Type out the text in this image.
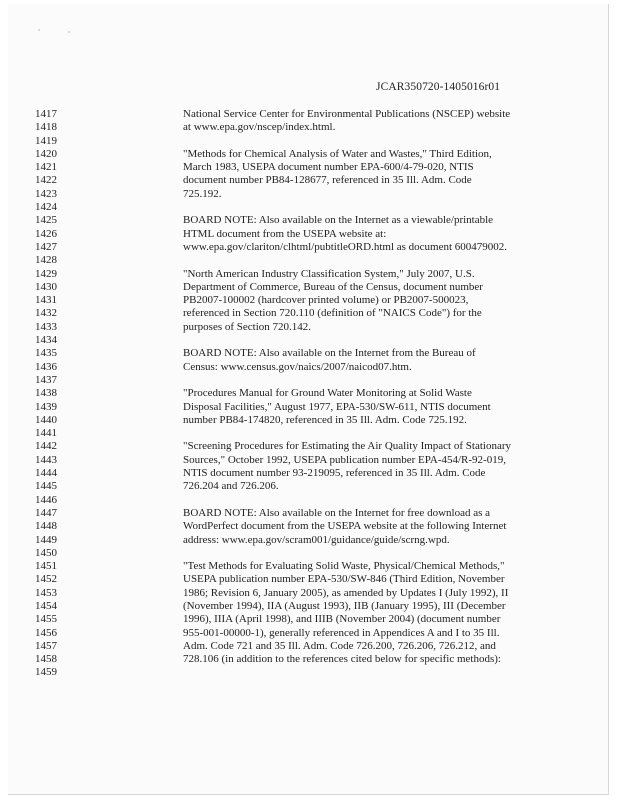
JCAR350720-1405016r01
1417
1418
1419
1420
1421
1422
1423
1424
1425
1426
1427
1428
1429
1430
1431
1432
1433
1434
1435
1436
1437
1438
1439
1440
1441
1442
1443
1444
1445
1446
1447
1448
1449
1450
1451
1452
1453
1454
1455
1456
1457
1458
1459
National Service Center for Environmental Publications (NSCEP) website
at www.epa.gov/nscep/index.html.
"Methods for Chemical Analysis of Water and Wastes," Third Edition,
March 1983, USEPA document number EPA-600/4-79-020, NTIS
document number PB84-128677, referenced in 35 Ill. Adm. Code
725.192.
BOARD NOTE: Also available on the Internet as a viewable/printable
HTML document from the USEPA website at:
www.epa.gov/clariton/clhtml/pubtitleORD.html as document 600479002.
"North American Industry Classification System," July 2007, U.S.
Department of Commerce, Bureau of the Census, document number
PB2007-100002 (hardcover printed volume) or PB2007-500023,
referenced in Section 720.110 (definition of "NAICS Code") for the
purposes of Section 720.142.
BOARD NOTE: Also available on the Internet from the Bureau of
Census: www.census.gov/naics/2007/naicod07.htm.
"Procedures Manual for Ground Water Monitoring at Solid Waste
Disposal Facilities," August 1977, EPA-530/SW-611, NTIS document
number PB84-174820, referenced in 35 Ill. Adm. Code 725.192.
"Screening Procedures for Estimating the Air Quality Impact of Stationary
Sources," October 1992, USEPA publication number EPA-454/R-92-019,
NTIS document number 93-219095, referenced in 35 Ill. Adm. Code
726.204 and 726.206.
BOARD NOTE: Also available on the Internet for free download as a
WordPerfect document from the USEPA website at the following Internet
address: www.epa.gov/scram001/guidance/guide/scrng.wpd.
"Test Methods for Evaluating Solid Waste, Physical/Chemical Methods,"
USEPA publication number EPA-530/SW-846 (Third Edition, November
1986; Revision 6, January 2005), as amended by Updates I (July 1992), II
(November 1994), IIA (August 1993), IIB (January 1995), III (December
1996), IIIA (April 1998), and IIIB (November 2004) (document number
955-001-00000-1), generally referenced in Appendices A and I to 35 Ill.
Adm. Code 721 and 35 Ill. Adm. Code 726.200, 726.206, 726.212, and
728.106 (in addition to the references cited below for specific methods):
